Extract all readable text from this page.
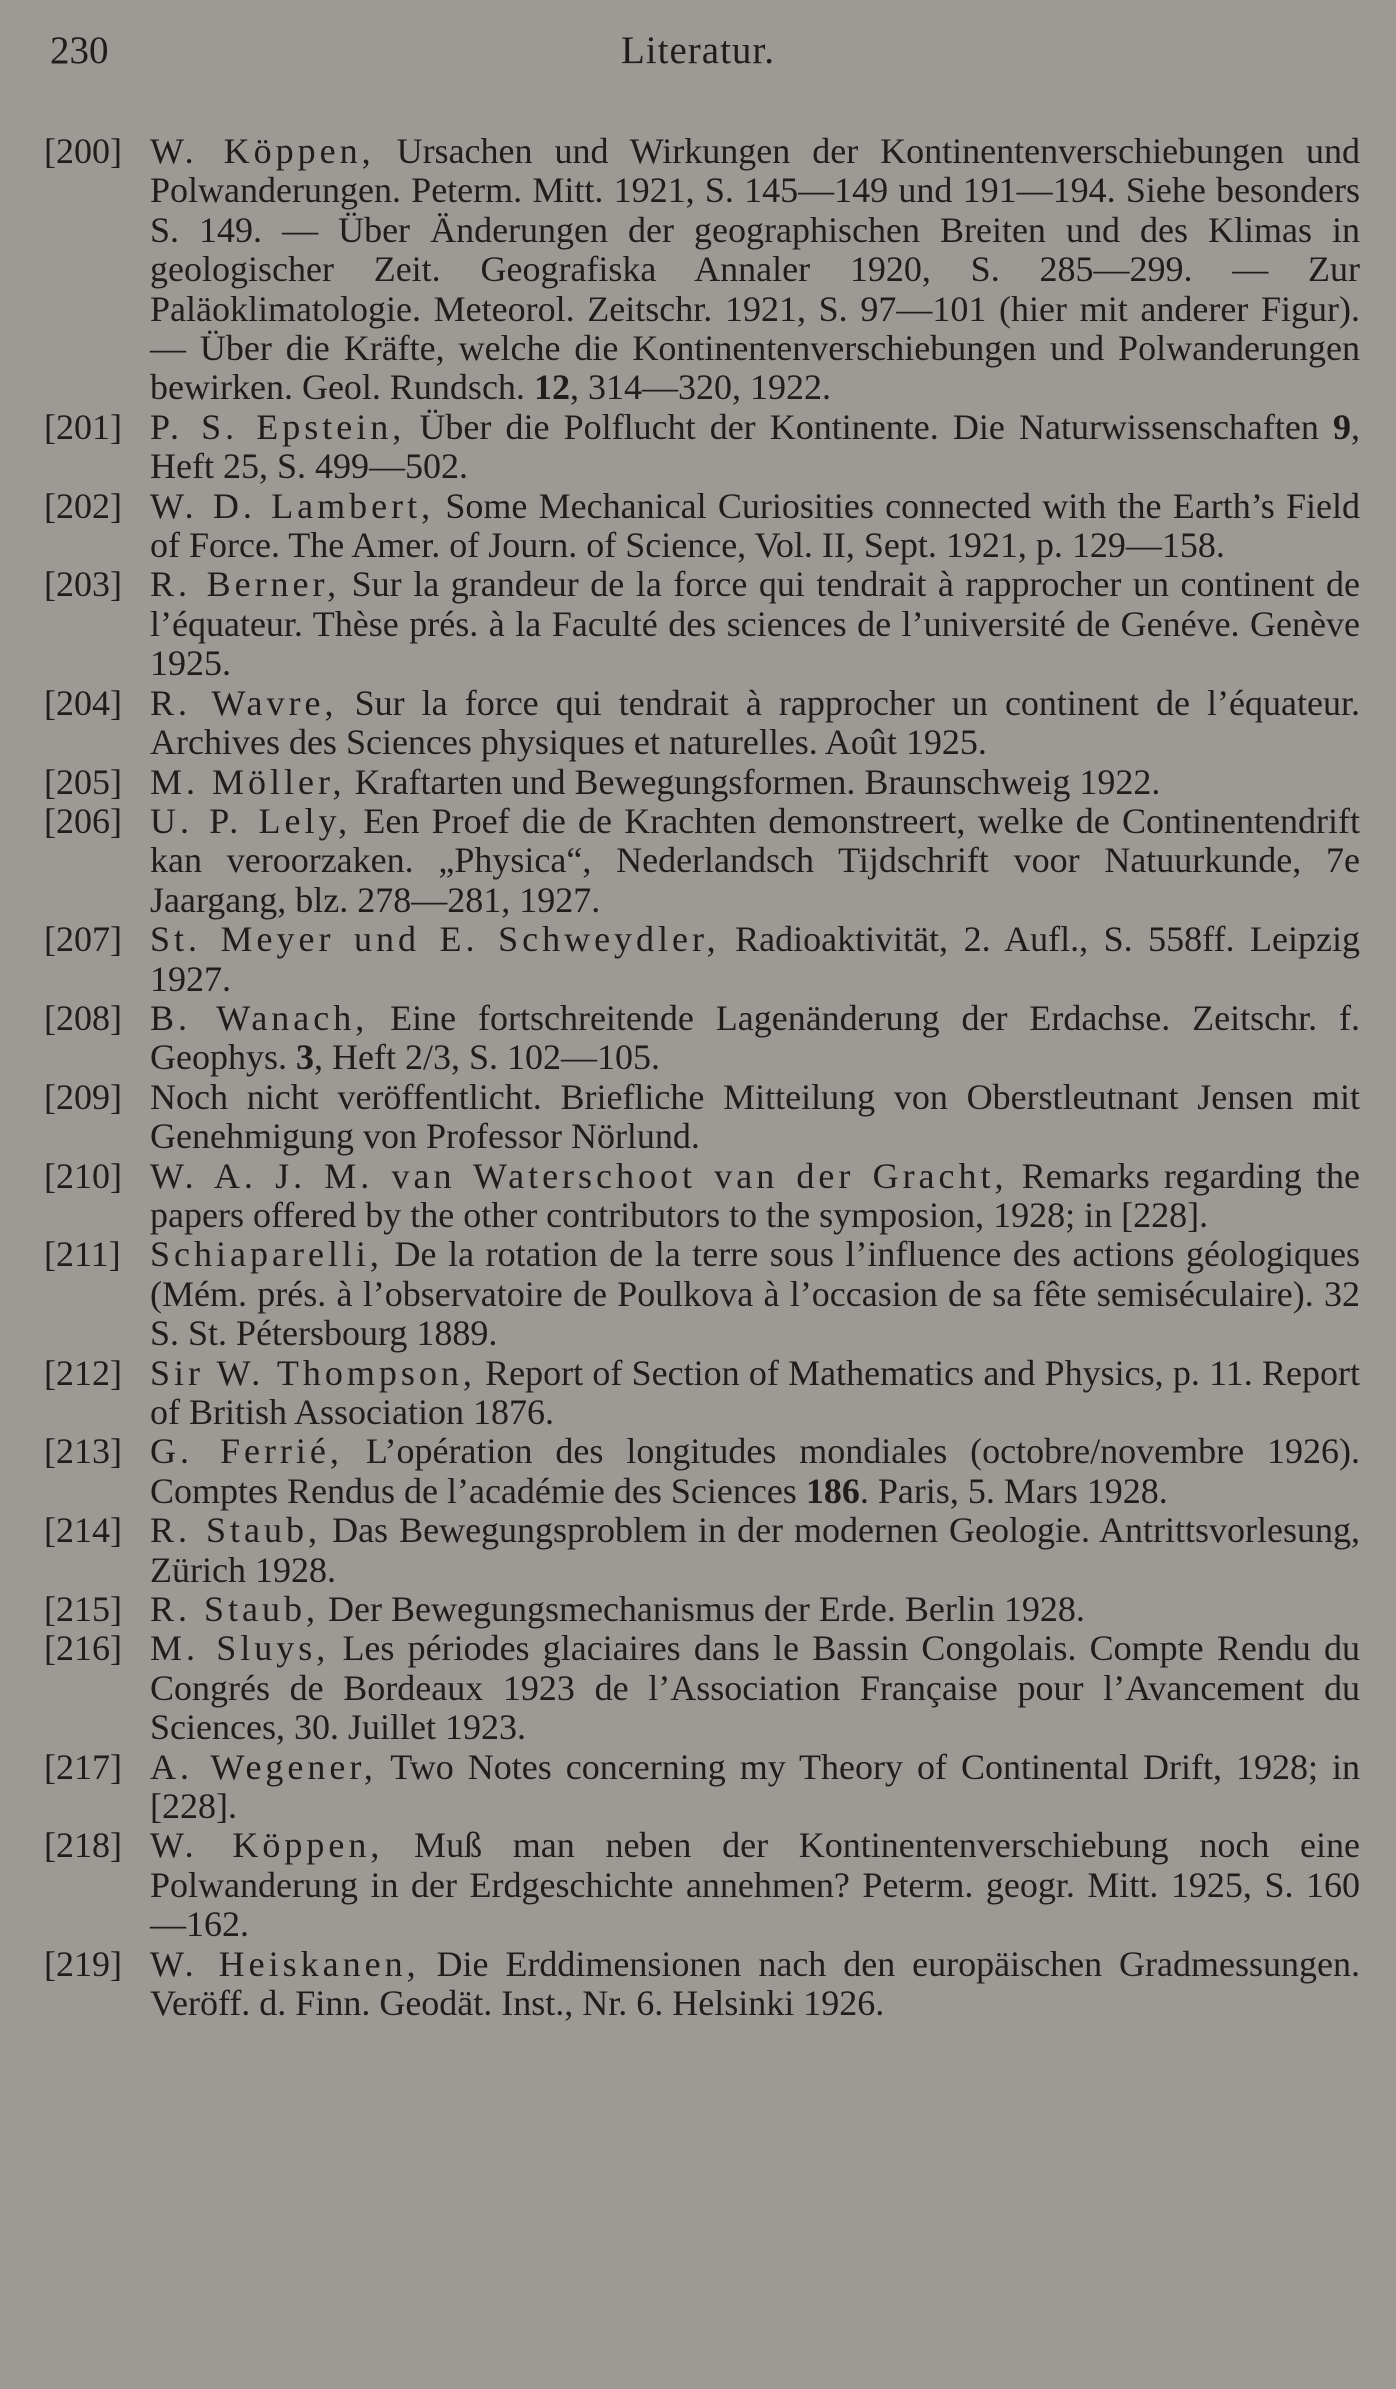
230	Literatur.
[200] W. Köppen, Ursachen und Wirkungen der Kontinentenverschiebungen und Polwanderungen. Peterm. Mitt. 1921, S. 145—149 und 191—194. Siehe besonders S. 149. — Über Änderungen der geographischen Breiten und des Klimas in geologischer Zeit. Geografiska Annaler 1920, S. 285—299. — Zur Paläoklimatologie. Meteorol. Zeitschr. 1921, S. 97—101 (hier mit anderer Figur). — Über die Kräfte, welche die Kontinentenverschiebungen und Polwanderungen bewirken. Geol. Rundsch. 12, 314—320, 1922.
[201] P. S. Epstein, Über die Polflucht der Kontinente. Die Naturwissenschaften 9, Heft 25, S. 499—502.
[202] W. D. Lambert, Some Mechanical Curiosities connected with the Earth’s Field of Force. The Amer. of Journ. of Science, Vol. II, Sept. 1921, p. 129—158.
[203] R. Berner, Sur la grandeur de la force qui tendrait à rapprocher un continent de l’équateur. Thèse prés. à la Faculté des sciences de l’université de Genéve. Genève 1925.
[204] R. Wavre, Sur la force qui tendrait à rapprocher un continent de l’équateur. Archives des Sciences physiques et naturelles. Août 1925.
[205] M. Möller, Kraftarten und Bewegungsformen. Braunschweig 1922.
[206] U. P. Lely, Een Proef die de Krachten demonstreert, welke de Continentendrift kan veroorzaken. „Physica“, Nederlandsch Tijdschrift voor Natuurkunde, 7e Jaargang, blz. 278—281, 1927.
[207] St. Meyer und E. Schweydler, Radioaktivität, 2. Aufl., S. 558ff. Leipzig 1927.
[208] B. Wanach, Eine fortschreitende Lagenänderung der Erdachse. Zeitschr. f. Geophys. 3, Heft 2/3, S. 102—105.
[209] Noch nicht veröffentlicht. Briefliche Mitteilung von Oberstleutnant Jensen mit Genehmigung von Professor Nörlund.
[210] W. A. J. M. van Waterschoot van der Gracht, Remarks regarding the papers offered by the other contributors to the symposion, 1928; in [228].
[211] Schiaparelli, De la rotation de la terre sous l’influence des actions géologiques (Mém. prés. à l’observatoire de Poulkova à l’occasion de sa fête semiséculaire). 32 S. St. Pétersbourg 1889.
[212] Sir W. Thompson, Report of Section of Mathematics and Physics, p. 11. Report of British Association 1876.
[213] G. Ferrié, L’opération des longitudes mondiales (octobre/novembre 1926). Comptes Rendus de l’académie des Sciences 186. Paris, 5. Mars 1928.
[214] R. Staub, Das Bewegungsproblem in der modernen Geologie. Antrittsvorlesung, Zürich 1928.
[215] R. Staub, Der Bewegungsmechanismus der Erde. Berlin 1928.
[216] M. Sluys, Les périodes glaciaires dans le Bassin Congolais. Compte Rendu du Congrés de Bordeaux 1923 de l’Association Française pour l’Avancement du Sciences, 30. Juillet 1923.
[217] A. Wegener, Two Notes concerning my Theory of Continental Drift, 1928; in [228].
[218] W. Köppen, Muß man neben der Kontinentenverschiebung noch eine Polwanderung in der Erdgeschichte annehmen? Peterm. geogr. Mitt. 1925, S. 160—162.
[219] W. Heiskanen, Die Erddimensionen nach den europäischen Gradmessungen. Veröff. d. Finn. Geodät. Inst., Nr. 6. Helsinki 1926.
